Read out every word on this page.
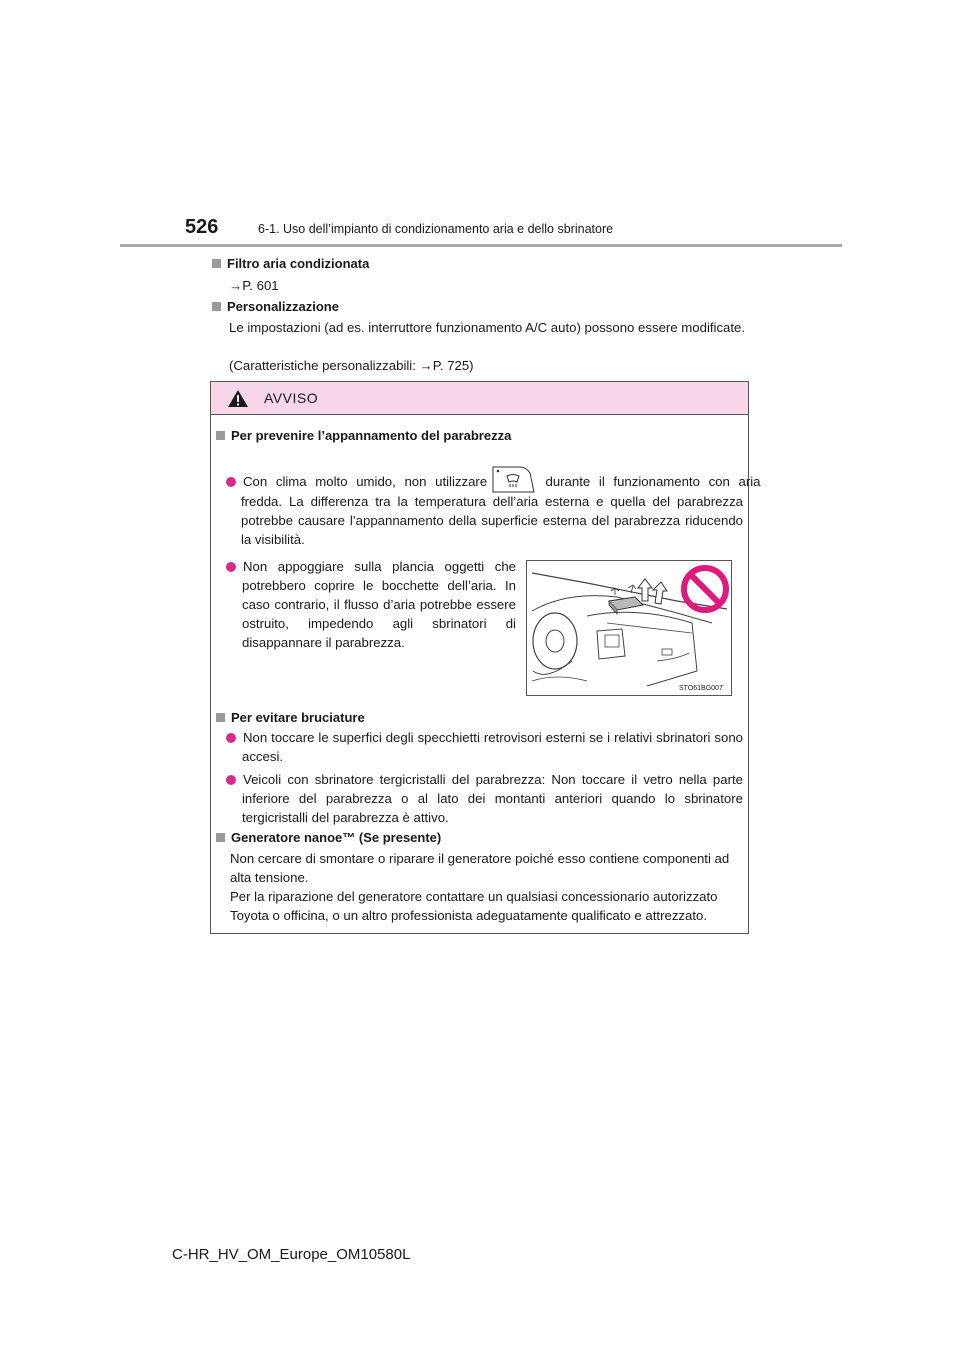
526	6-1. Uso dell’impianto di condizionamento aria e dello sbrinatore
Filtro aria condizionata
→P. 601
Personalizzazione
Le impostazioni (ad es. interruttore funzionamento A/C auto) possono essere modificate.
(Caratteristiche personalizzabili: →P. 725)
AVVISO
Per prevenire l’appannamento del parabrezza
Con clima molto umido, non utilizzare	durante il funzionamento con aria
fredda. La differenza tra la temperatura dell’aria esterna e quella del parabrezza potrebbe causare l’appannamento della superficie esterna del parabrezza riducendo la visibilità.
Non appoggiare sulla plancia oggetti che potrebbero coprire le bocchette dell’aria. In caso contrario, il flusso d’aria potrebbe essere ostruito, impedendo agli sbrinatori di disappannare il parabrezza.
STO61BG007
Per evitare bruciature
Non toccare le superfici degli specchietti retrovisori esterni se i relativi sbrinatori sono accesi.
Veicoli con sbrinatore tergicristalli del parabrezza: Non toccare il vetro nella parte inferiore del parabrezza o al lato dei montanti anteriori quando lo sbrinatore tergicristalli del parabrezza è attivo.
Generatore nanoe™ (Se presente)
Non cercare di smontare o riparare il generatore poiché esso contiene componenti ad alta tensione.
Per la riparazione del generatore contattare un qualsiasi concessionario autorizzato Toyota o officina, o un altro professionista adeguatamente qualificato e attrezzato.
C-HR_HV_OM_Europe_OM10580L
